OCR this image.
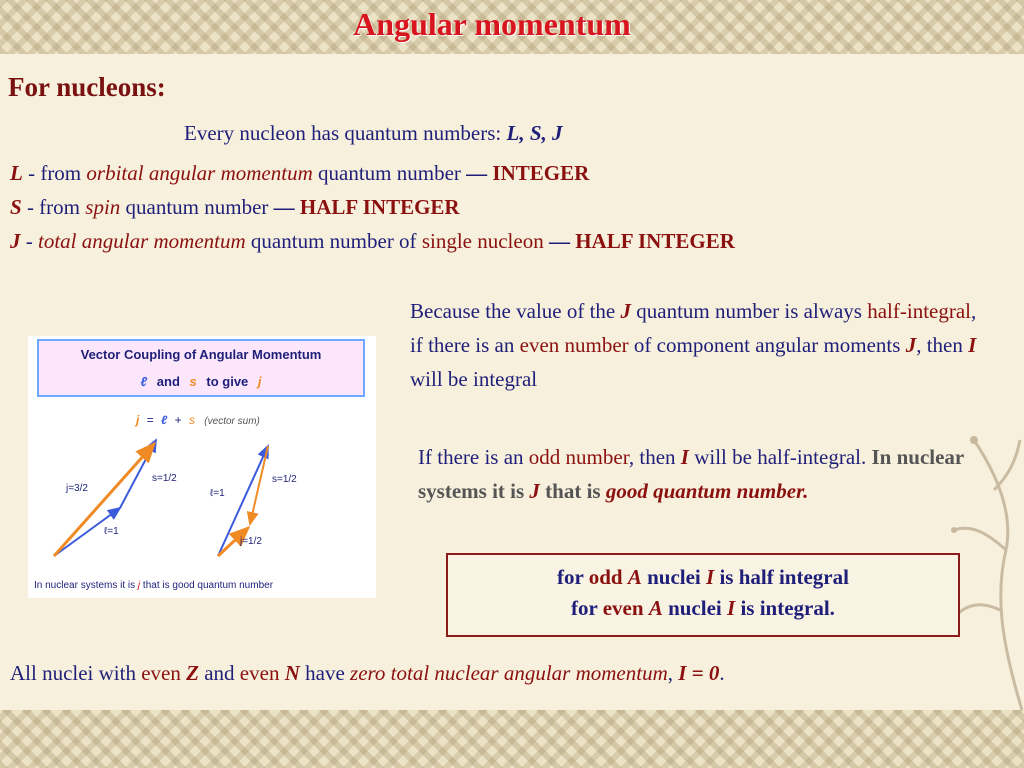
Angular momentum
For nucleons:
Every nucleon has quantum numbers: L, S, J
L - from orbital angular momentum quantum number — INTEGER
S - from spin quantum number — HALF INTEGER
J - total angular momentum quantum number of single nucleon — HALF INTEGER
Because the value of the J quantum number is always half-integral, if there is an even number of component angular moments J, then I will be integral
If there is an odd number, then I will be half-integral. In nuclear systems it is J that is good quantum number.
for odd A nuclei I is half integral
for even A nuclei I is integral.
All nuclei with even Z and even N have zero total nuclear angular momentum, I = 0.
Vector Coupling of Angular Momentum
ℓ and s to give j
j = ℓ + s (vector sum)
j=3/2
s=1/2
ℓ=1
ℓ=1
s=1/2
j=1/2
In nuclear systems it is j that is good quantum number
